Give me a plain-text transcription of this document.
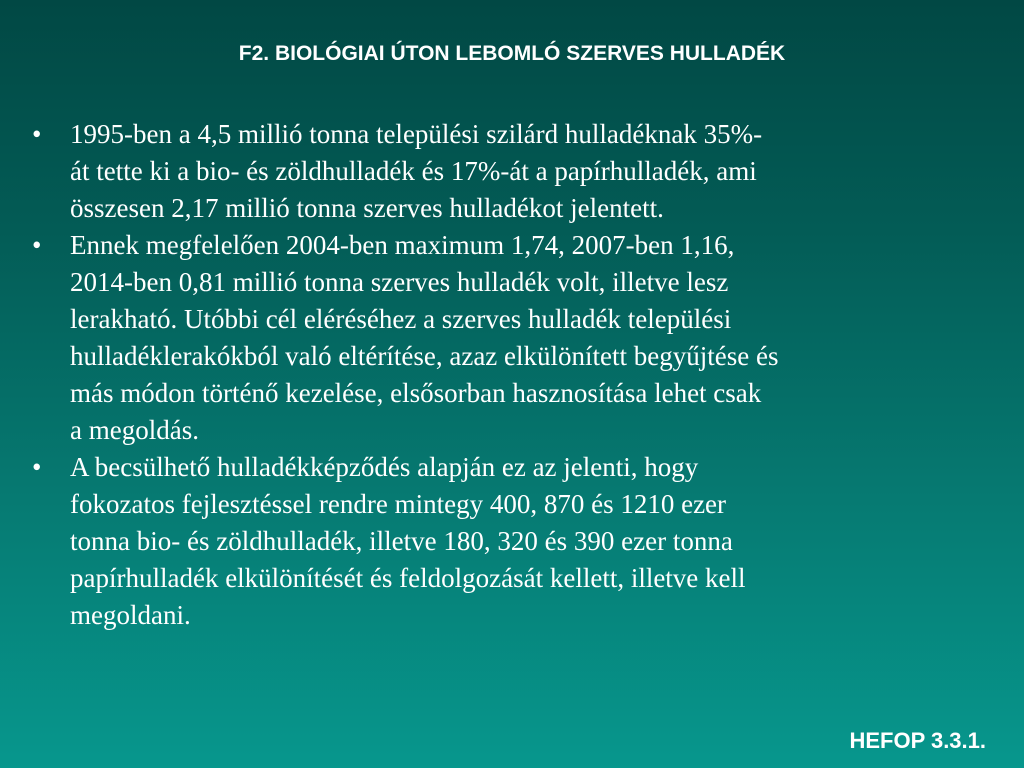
F2. BIOLÓGIAI ÚTON LEBOMLÓ SZERVES HULLADÉK
• 1995-ben a 4,5 millió tonna települési szilárd hulladéknak 35%-
át tette ki a bio- és zöldhulladék és 17%-át a papírhulladék, ami
összesen 2,17 millió tonna szerves hulladékot jelentett.
• Ennek megfelelően 2004-ben maximum 1,74, 2007-ben 1,16,
2014-ben 0,81 millió tonna szerves hulladék volt, illetve lesz
lerakható. Utóbbi cél eléréséhez a szerves hulladék települési
hulladéklerakókból való eltérítése, azaz elkülönített begyűjtése és
más módon történő kezelése, elsősorban hasznosítása lehet csak
a megoldás.
• A becsülhető hulladékképződés alapján ez az jelenti, hogy
fokozatos fejlesztéssel rendre mintegy 400, 870 és 1210 ezer
tonna bio- és zöldhulladék, illetve 180, 320 és 390 ezer tonna
papírhulladék elkülönítését és feldolgozását kellett, illetve kell
megoldani.
HEFOP 3.3.1.
